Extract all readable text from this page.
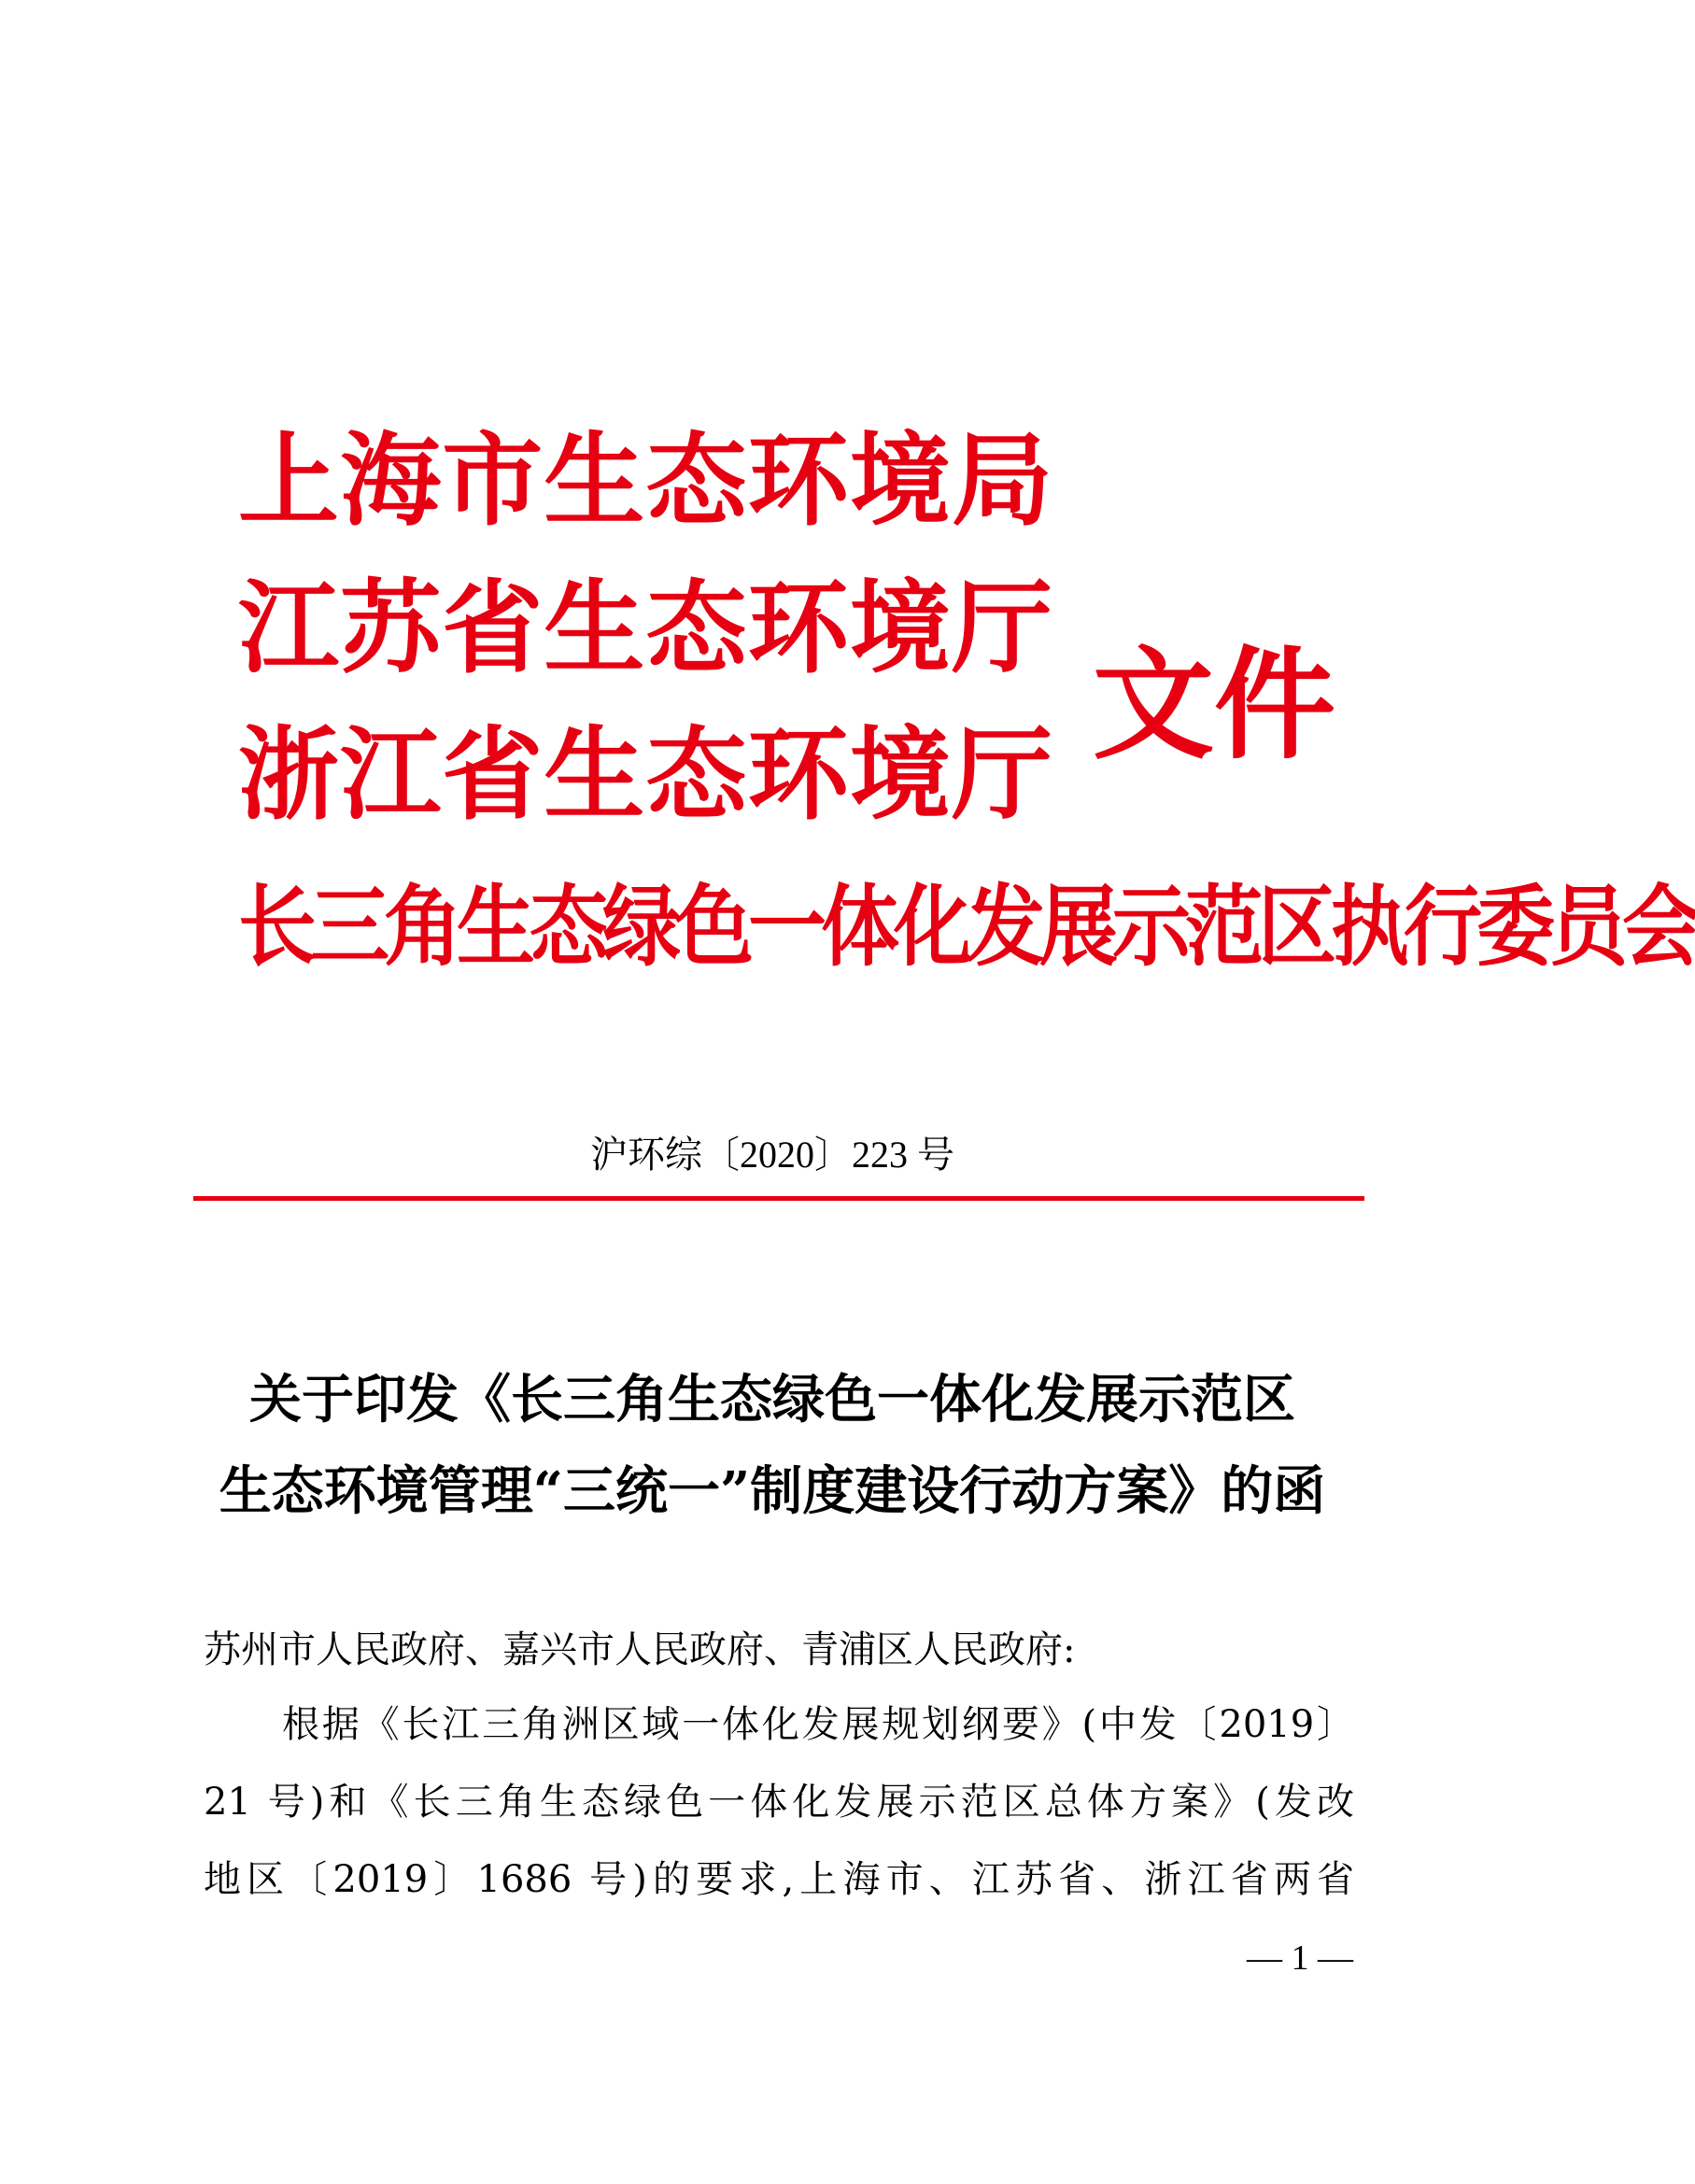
上 海 市 生 态 环 境 局
江 苏 省 生 态 环 境 厅
浙 江 省 生 态 环 境 厅
长三角生态绿色一体化发展示范区执行委员会
文件
沪环综〔2020〕223 号
关于印发《长三角生态绿色一体化发展示范区
生态环境管理“三统一”制度建设行动方案》的函
苏州市人民政府、嘉兴市人民政府、青浦区人民政府:
根据《长江三角洲区域一体化发展规划纲要》(中发〔2019〕
21 号)和《长三角生态绿色一体化发展示范区总体方案》(发改
地区〔2019〕1686 号)的要求,上海市、江苏省、浙江省两省
— 1 —
